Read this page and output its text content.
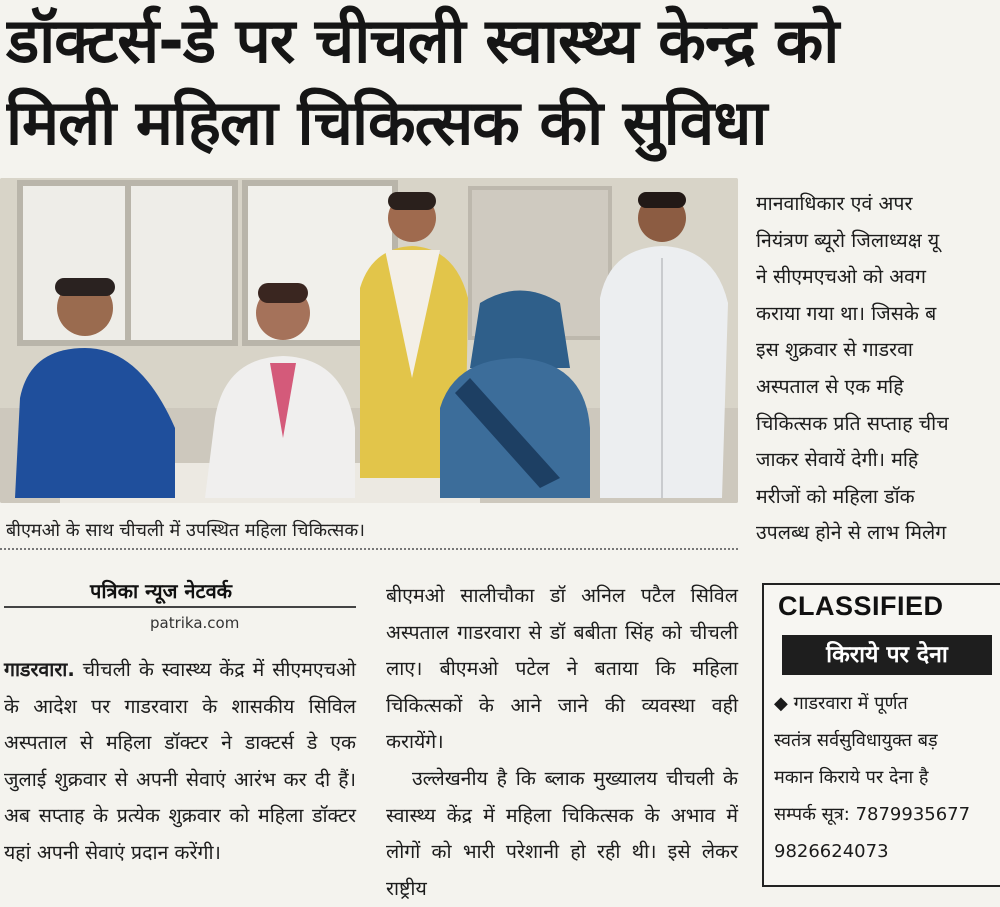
डॉक्टर्स-डे पर चीचली स्वास्थ्य केन्द्र को
मिली महिला चिकित्सक की सुविधा
बीएमओ के साथ चीचली में उपस्थित महिला चिकित्सक।
पत्रिका न्यूज नेटवर्क
patrika.com

गाडरवारा. चीचली के स्वास्थ्य केंद्र में सीएमएचओ के आदेश पर गाडरवारा के शासकीय सिविल अस्पताल से महिला डॉक्टर ने डाक्टर्स डे एक जुलाई शुक्रवार से अपनी सेवाएं आरंभ कर दी हैं। अब सप्ताह के प्रत्येक शुक्रवार को महिला डॉक्टर यहां अपनी सेवाएं प्रदान करेंगी।

बीएमओ सालीचौका डॉ अनिल पटैल सिविल अस्पताल गाडरवारा से डॉ बबीता सिंह को चीचली लाए। बीएमओ पटेल ने बताया कि महिला चिकित्सकों के आने जाने की व्यवस्था वही करायेंगे।

उल्लेखनीय है कि ब्लाक मुख्यालय चीचली के स्वास्थ्य केंद्र में महिला चिकित्सक के अभाव में लोगों को भारी परेशानी हो रही थी। इसे लेकर राष्ट्रीय

मानवाधिकार एवं अपर

नियंत्रण ब्यूरो जिलाध्यक्ष यू

ने सीएमएचओ को अवग

कराया गया था। जिसके ब

इस शुक्रवार से गाडरवा

अस्पताल से एक महि

चिकित्सक प्रति सप्ताह चीच

जाकर सेवायें देगी। महि

मरीजों को महिला डॉक

उपलब्ध होने से लाभ मिलेग

CLASSIFIED
किराये पर देना

◆ गाडरवारा में पूर्णत

स्वतंत्र सर्वसुविधायुक्त बड़

मकान किराये पर देना है

सम्पर्क सूत्र: 7879935677

9826624073
